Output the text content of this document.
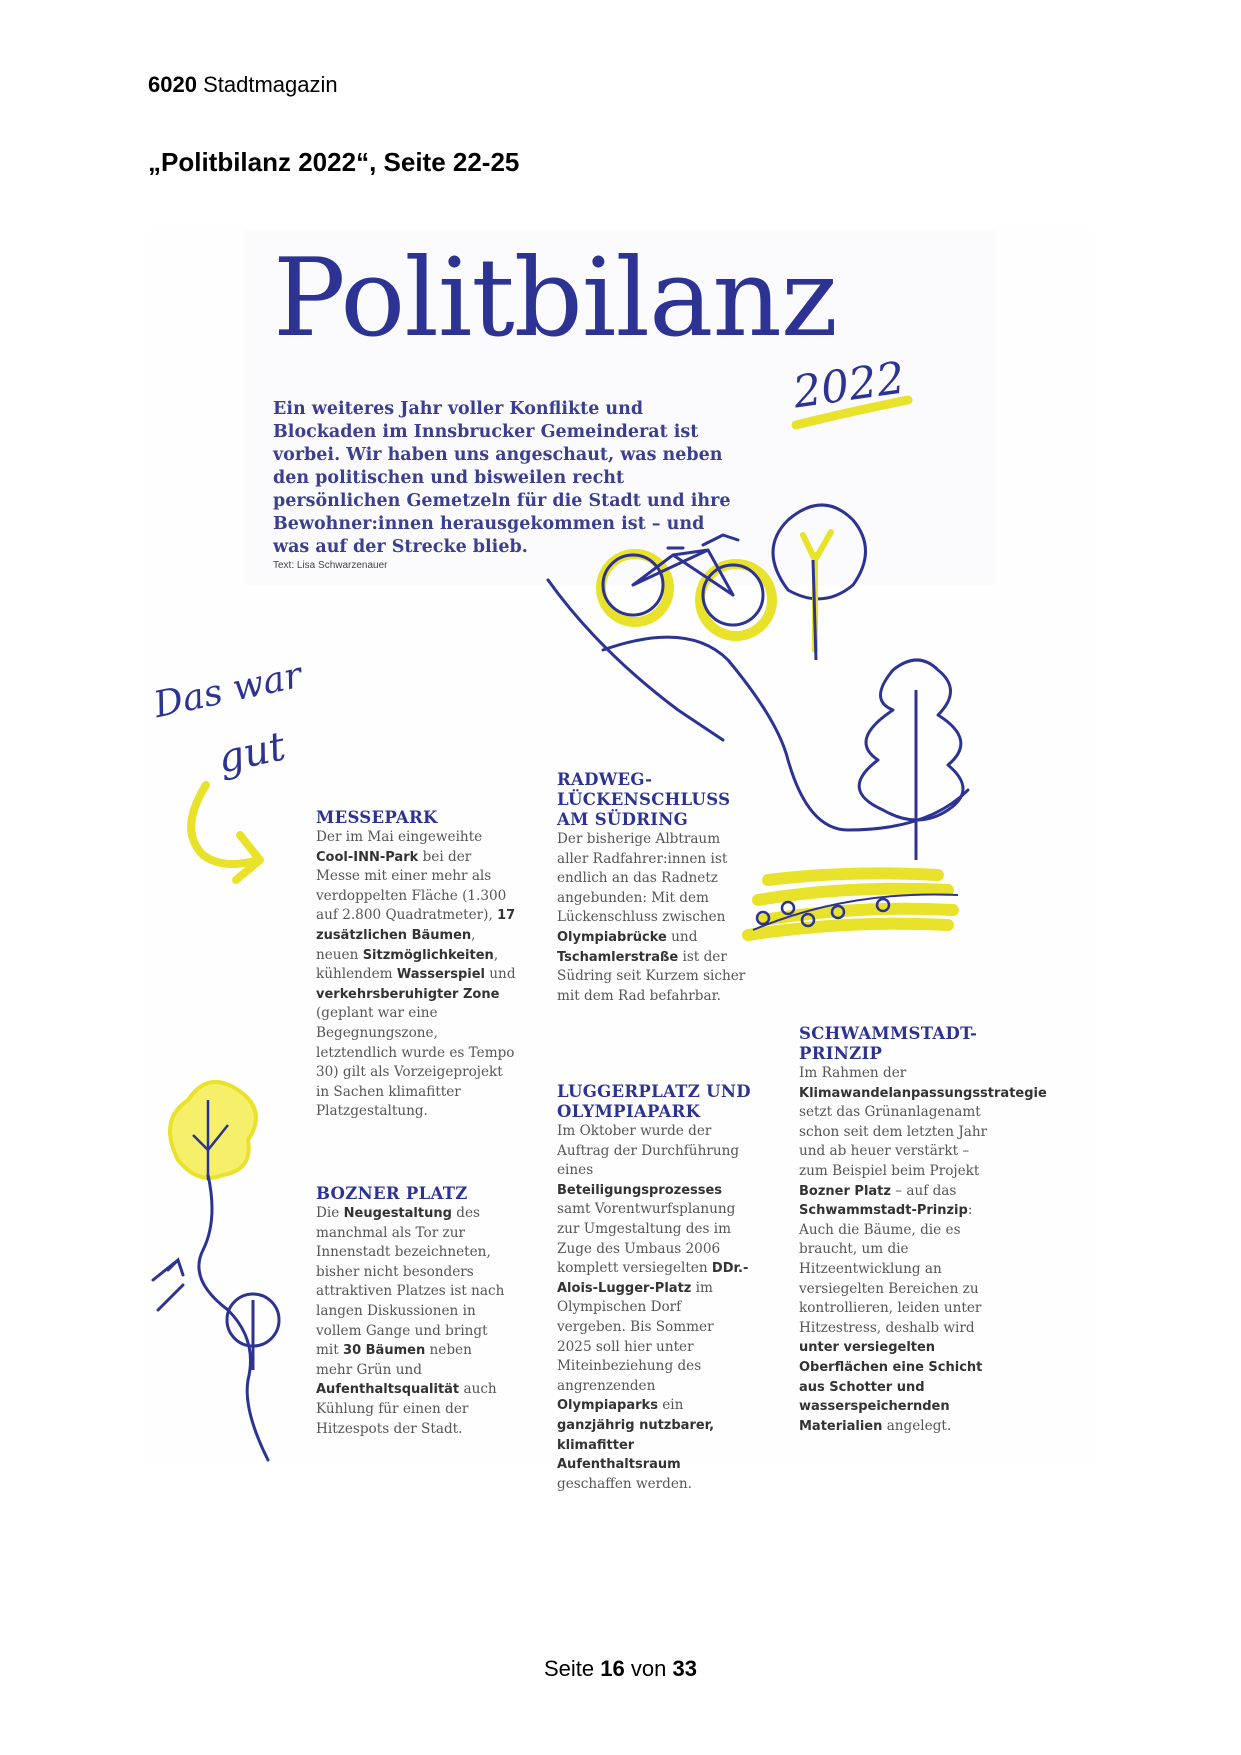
6020 Stadtmagazin
„Politbilanz 2022“, Seite 22-25
Politbilanz
2022
Ein weiteres Jahr voller Konflikte und Blockaden im Innsbrucker Gemeinderat ist vorbei. Wir haben uns angeschaut, was neben den politischen und bisweilen recht persönlichen Gemetzeln für die Stadt und ihre Bewohner:innen herausgekommen ist – und was auf der Strecke blieb.
Text: Lisa Schwarzenauer
Das war
gut
MESSEPARK

Der im Mai eingeweihte Cool-INN-Park bei der Messe mit einer mehr als verdoppelten Fläche (1.300 auf 2.800 Quadratmeter), 17 zusätzlichen Bäumen, neuen Sitzmöglichkeiten, kühlendem Wasserspiel und verkehrsberuhigter Zone (geplant war eine Begegnungszone, letztendlich wurde es Tempo 30) gilt als Vorzeigeprojekt in Sachen klimafitter Platzgestaltung.

BOZNER PLATZ

Die Neugestaltung des manchmal als Tor zur Innenstadt bezeichneten, bisher nicht besonders attraktiven Platzes ist nach langen Diskussionen in vollem Gange und bringt mit 30 Bäumen neben mehr Grün und Aufenthaltsqualität auch Kühlung für einen der Hitzespots der Stadt.

RADWEG-LÜCKENSCHLUSS AM SÜDRING

Der bisherige Albtraum aller Radfahrer:innen ist endlich an das Radnetz angebunden: Mit dem Lückenschluss zwischen Olympiabrücke und Tschamlerstraße ist der Südring seit Kurzem sicher mit dem Rad befahrbar.

LUGGERPLATZ UND OLYMPIAPARK

Im Oktober wurde der Auftrag der Durchführung eines Beteiligungsprozesses samt Vorentwurfsplanung zur Umgestaltung des im Zuge des Umbaus 2006 komplett versiegelten DDr.-Alois-Lugger-Platz im Olympischen Dorf vergeben. Bis Sommer 2025 soll hier unter Miteinbeziehung des angrenzenden Olympiaparks ein ganzjährig nutzbarer, klimafitter Aufenthaltsraum geschaffen werden.

SCHWAMMSTADT-PRINZIP

Im Rahmen der Klimawandelanpassungsstrategie setzt das Grünanlagenamt schon seit dem letzten Jahr und ab heuer verstärkt – zum Beispiel beim Projekt Bozner Platz – auf das Schwammstadt-Prinzip: Auch die Bäume, die es braucht, um die Hitzeentwicklung an versiegelten Bereichen zu kontrollieren, leiden unter Hitzestress, deshalb wird unter versiegelten Oberflächen eine Schicht aus Schotter und wasserspeichernden Materialien angelegt.

Seite 16 von 33
